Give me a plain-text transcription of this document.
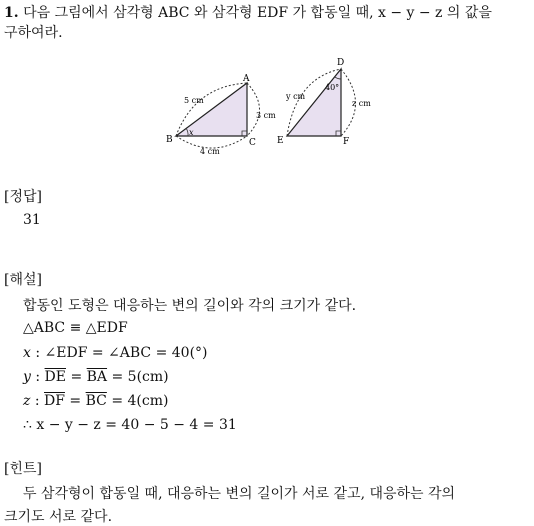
1. 다음 그림에서 삼각형 ABC 와 삼각형 EDF 가 합동일 때, x − y − z 의 값을
구하여라.
A
B	C
5 cm
3 cm
4 cm
x
D
E	F
y cm
z cm
40°
[정답]
31
[해설]
합동인 도형은 대응하는 변의 길이와 각의 크기가 같다.
△ABC ≡ △EDF
x : ∠EDF = ∠ABC = 40(°)
y : $\overline{DE} = \overline{BA} = 5(cm)$
z : $\overline{DF} = \overline{BC} = 4(cm)$
∴ x − y − z = 40 − 5 − 4 = 31
[힌트]
두 삼각형이 합동일 때, 대응하는 변의 길이가 서로 같고, 대응하는 각의
크기도 서로 같다.
